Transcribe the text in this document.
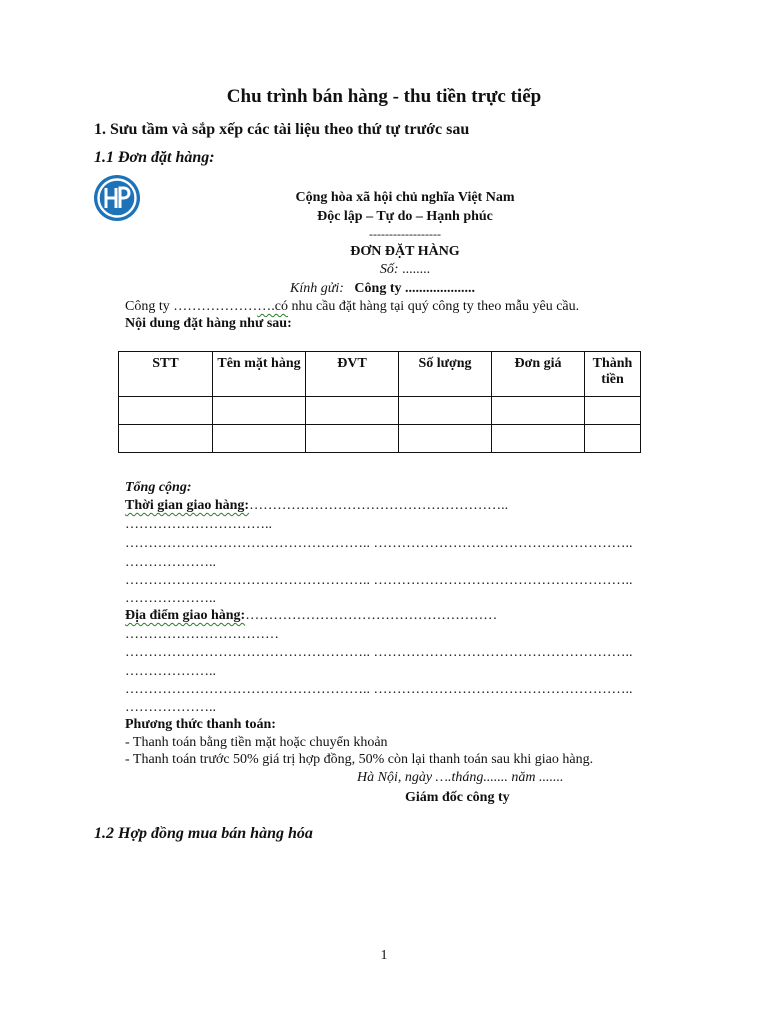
Chu trình bán hàng - thu tiền trực tiếp
1. Sưu tầm và sắp xếp các tài liệu theo thứ tự trước sau
1.1 Đơn đặt hàng:
HP
Cộng hòa xã hội chủ nghĩa Việt Nam
Độc lập – Tự do – Hạnh phúc
------------------
ĐƠN ĐẶT HÀNG
Số: ........
Kính gửi: Công ty ....................
Công ty ………………….có nhu cầu đặt hàng tại quý công ty theo mẫu yêu cầu.
Nội dung đặt hàng như sau:
STT	Tên mặt hàng	ĐVT	Số lượng	Đơn giá	Thành tiền

Tổng cộng:
Thời gian giao hàng:………………………………………………..
…………………………..
…………………………………………….. ………………………………………………..
………………..
…………………………………………….. ………………………………………………..
………………..
Địa điểm giao hàng:………………………………………………
……………………………
…………………………………………….. ………………………………………………..
………………..
…………………………………………….. ………………………………………………..
………………..
Phương thức thanh toán:
- Thanh toán bằng tiền mặt hoặc chuyển khoản
- Thanh toán trước 50% giá trị hợp đồng, 50% còn lại thanh toán sau khi giao hàng.
Hà Nội, ngày ….tháng....... năm .......
Giám đốc công ty
1.2 Hợp đồng mua bán hàng hóa
1
